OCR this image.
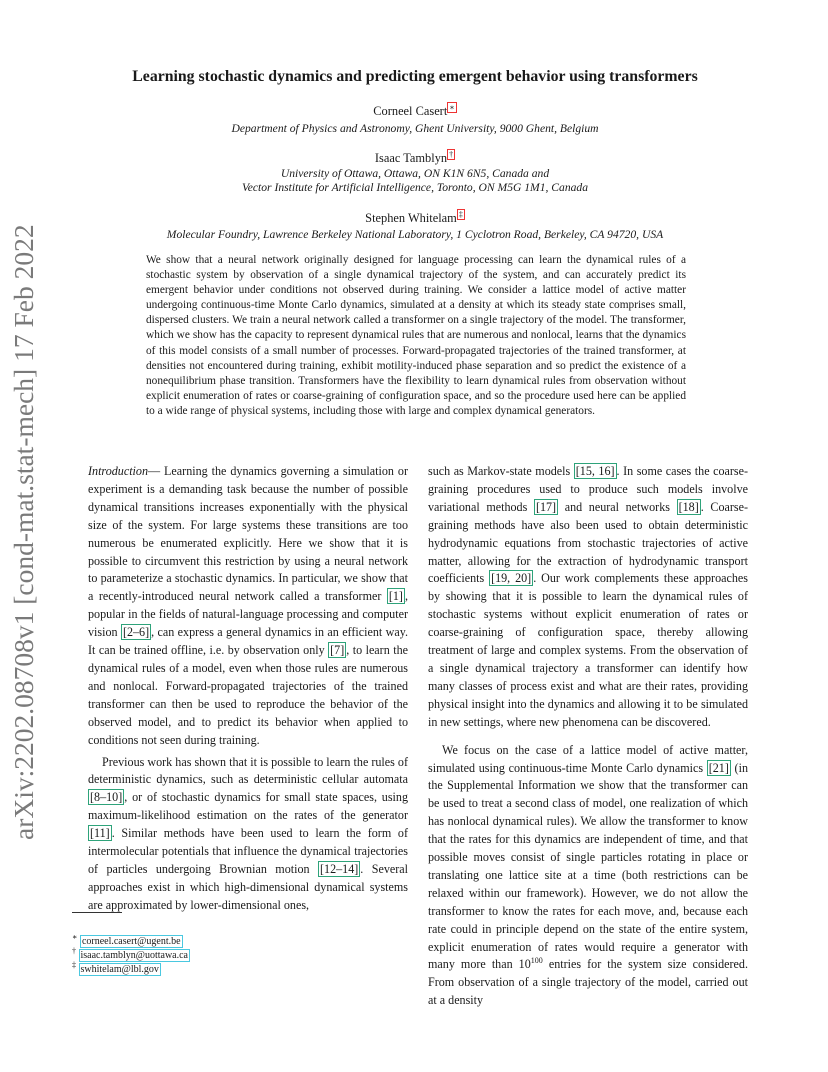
arXiv:2202.08708v1 [cond-mat.stat-mech] 17 Feb 2022
Learning stochastic dynamics and predicting emergent behavior using transformers
Corneel Casert ∗
Department of Physics and Astronomy, Ghent University, 9000 Ghent, Belgium
Isaac Tamblyn †
University of Ottawa, Ottawa, ON K1N 6N5, Canada and
Vector Institute for Artificial Intelligence, Toronto, ON M5G 1M1, Canada
Stephen Whitelam ‡
Molecular Foundry, Lawrence Berkeley National Laboratory, 1 Cyclotron Road, Berkeley, CA 94720, USA
We show that a neural network originally designed for language processing can learn the dynamical rules of a stochastic system by observation of a single dynamical trajectory of the system, and can accurately predict its emergent behavior under conditions not observed during training. We consider a lattice model of active matter undergoing continuous-time Monte Carlo dynamics, simulated at a density at which its steady state comprises small, dispersed clusters. We train a neural network called a transformer on a single trajectory of the model. The transformer, which we show has the capacity to represent dynamical rules that are numerous and nonlocal, learns that the dynamics of this model consists of a small number of processes. Forward-propagated trajectories of the trained transformer, at densities not encountered during training, exhibit motility-induced phase separation and so predict the existence of a nonequilibrium phase transition. Transformers have the flexibility to learn dynamical rules from observation without explicit enumeration of rates or coarse-graining of configuration space, and so the procedure used here can be applied to a wide range of physical systems, including those with large and complex dynamical generators.

Introduction— Learning the dynamics governing a simulation or experiment is a demanding task because the number of possible dynamical transitions increases exponentially with the physical size of the system. For large systems these transitions are too numerous be enumerated explicitly. Here we show that it is possible to circumvent this restriction by using a neural network to parameterize a stochastic dynamics. In particular, we show that a recently-introduced neural network called a transformer [1] , popular in the fields of natural-language processing and computer vision [2–6] , can express a general dynamics in an efficient way. It can be trained offline, i.e. by observation only [7] , to learn the dynamical rules of a model, even when those rules are numerous and nonlocal. Forward-propagated trajectories of the trained transformer can then be used to reproduce the behavior of the observed model, and to predict its behavior when applied to conditions not seen during training.

Previous work has shown that it is possible to learn the rules of deterministic dynamics, such as deterministic cellular automata [8–10] , or of stochastic dynamics for small state spaces, using maximum-likelihood estimation on the rates of the generator [11] . Similar methods have been used to learn the form of intermolecular potentials that influence the dynamical trajectories of particles undergoing Brownian motion [12–14] . Several approaches exist in which high-dimensional dynamical systems are approximated by lower-dimensional ones,

such as Markov-state models [15, 16] . In some cases the coarse-graining procedures used to produce such models involve variational methods [17] and neural networks [18] . Coarse-graining methods have also been used to obtain deterministic hydrodynamic equations from stochastic trajectories of active matter, allowing for the extraction of hydrodynamic transport coefficients [19, 20] . Our work complements these approaches by showing that it is possible to learn the dynamical rules of stochastic systems without explicit enumeration of rates or coarse-graining of configuration space, thereby allowing treatment of large and complex systems. From the observation of a single dynamical trajectory a transformer can identify how many classes of process exist and what are their rates, providing physical insight into the dynamics and allowing it to be simulated in new settings, where new phenomena can be discovered.

We focus on the case of a lattice model of active matter, simulated using continuous-time Monte Carlo dynamics [21] (in the Supplemental Information we show that the transformer can be used to treat a second class of model, one realization of which has nonlocal dynamical rules). We allow the transformer to know that the rates for this dynamics are independent of time, and that possible moves consist of single particles rotating in place or translating one lattice site at a time (both restrictions can be relaxed within our framework). However, we do not allow the transformer to know the rates for each move, and, because each rate could in principle depend on the state of the entire system, explicit enumeration of rates would require a generator with many more than $10^{100}$ entries for the system size considered. From observation of a single trajectory of the model, carried out at a density

∗ corneel.casert@ugent.be
† isaac.tamblyn@uottawa.ca
‡ swhitelam@lbl.gov
